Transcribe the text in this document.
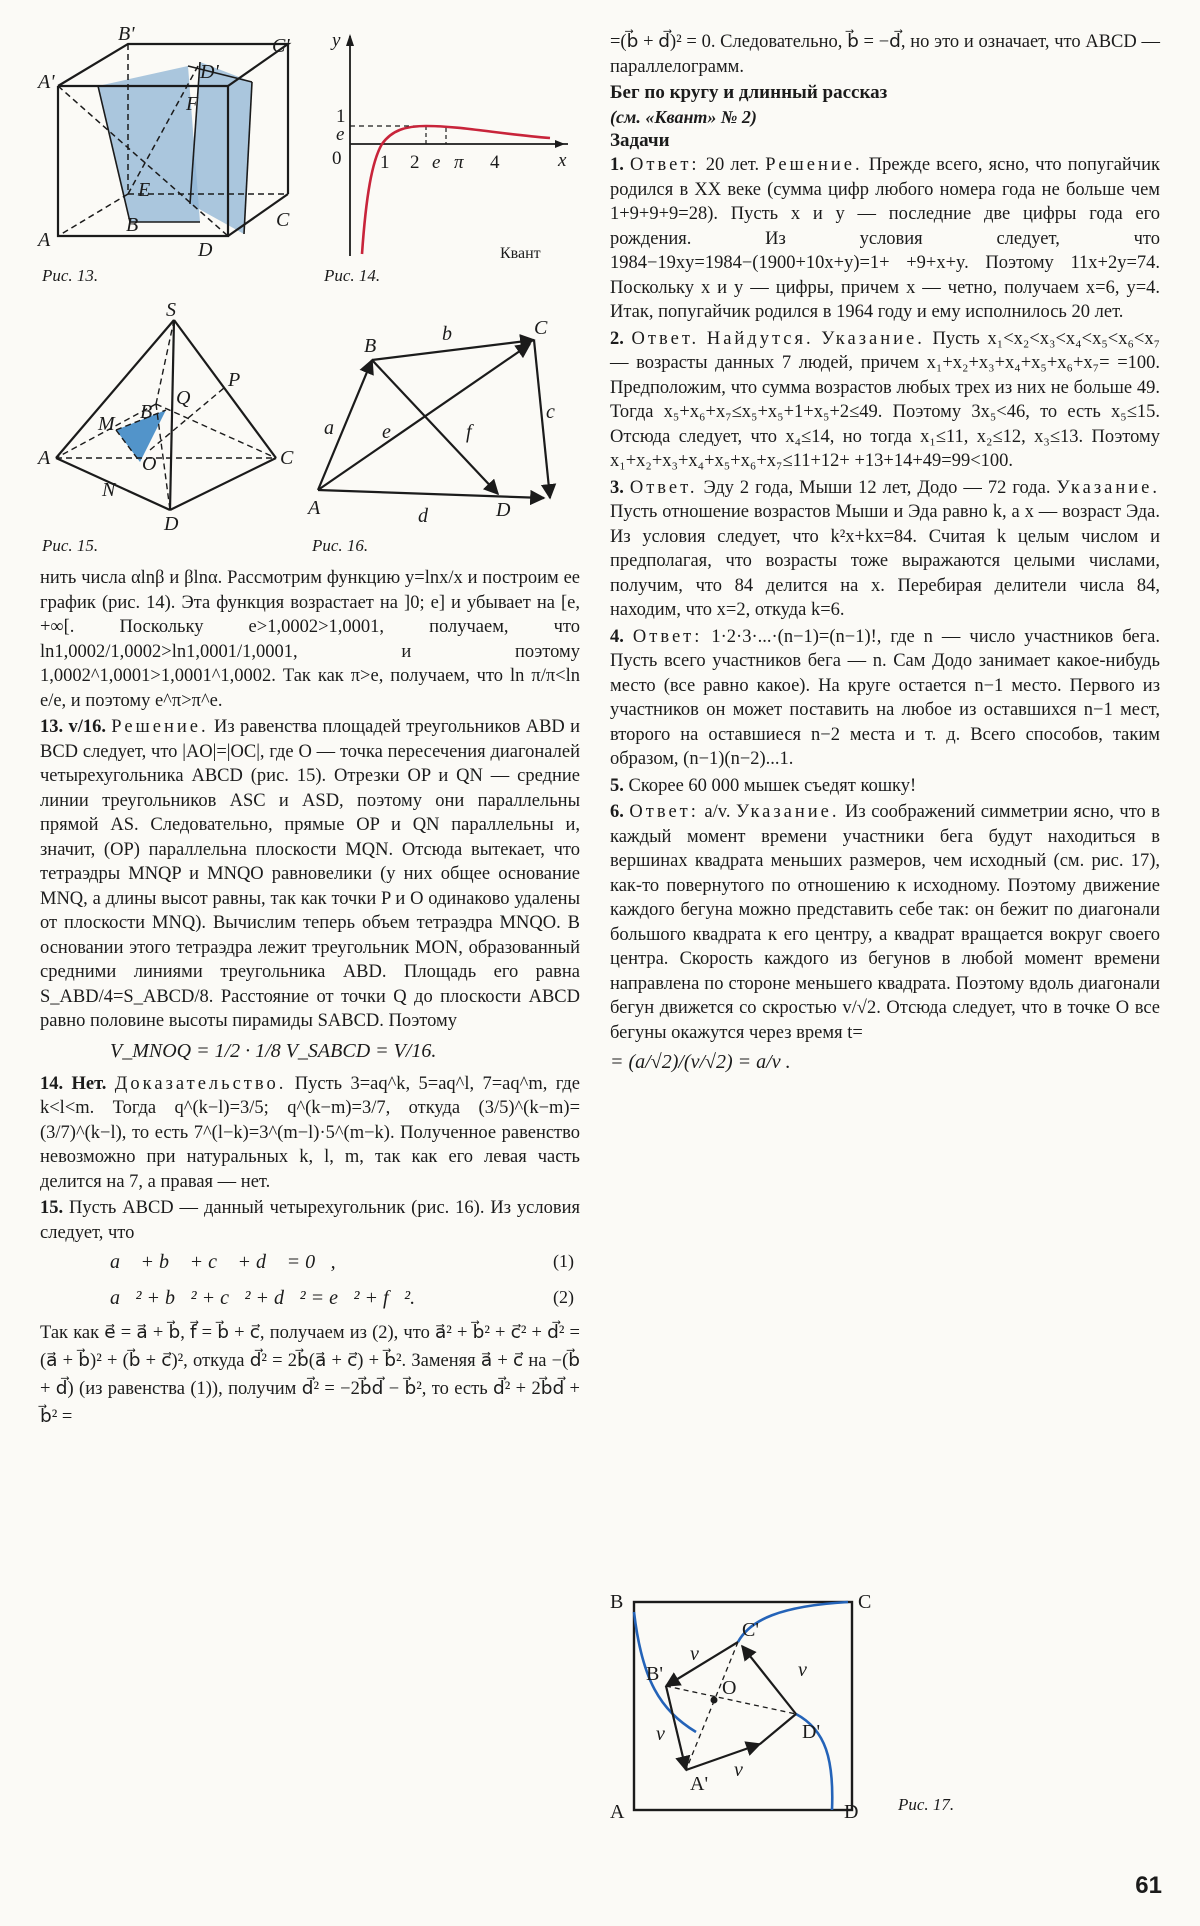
A
B	C
D
A'
B'
C'
D'
E
F
Рис. 13.
y
x
0
1
e
1 2 e π 4
Квант
Рис. 14.
S
A
B
C
D
M
N
O
P
Q
Рис. 15.
A
B
C
D
a
b
c
d
e	f
Рис. 16.

нить числа αlnβ и βlnα. Рассмотрим функцию y=lnx/x и построим ее график (рис. 14). Эта функция возрастает на ]0; e] и убывает на [e, +∞[. Поскольку e>1,0002>1,0001, получаем, что ln1,0002/1,0002>ln1,0001/1,0001, и поэтому 1,0002^1,0001>1,0001^1,0002. Так как π>e, получаем, что ln π/π<ln e/e, и поэтому e^π>π^e.

13. v/16. Решение. Из равенства площадей треугольников ABD и BCD следует, что |AO|=|OC|, где O — точка пересечения диагоналей четырехугольника ABCD (рис. 15). Отрезки OP и QN — средние линии треугольников ASC и ASD, поэтому они параллельны прямой AS. Следовательно, прямые OP и QN параллельны и, значит, (OP) параллельна плоскости MQN. Отсюда вытекает, что тетраэдры MNQP и MNQO равновелики (у них общее основание MNQ, а длины высот равны, так как точки P и O одинаково удалены от плоскости MNQ). Вычислим теперь объем тетраэдра MNQO. В основании этого тетраэдра лежит треугольник MON, образованный средними линиями треугольника ABD. Площадь его равна S_ABD/4=S_ABCD/8. Расстояние от точки Q до плоскости ABCD равно половине высоты пирамиды SABCD. Поэтому

V_MNOQ = 1/2 · 1/8 V_SABCD = V/16.

14. Нет. Доказательство. Пусть 3=aq^k, 5=aq^l, 7=aq^m, где k<l<m. Тогда q^(k−l)=3/5; q^(k−m)=3/7, откуда (3/5)^(k−m)=(3/7)^(k−l), то есть 7^(l−k)=3^(m−l)·5^(m−k). Полученное равенство невозможно при натуральных k, l, m, так как его левая часть делится на 7, а правая — нет.

15. Пусть ABCD — данный четырехугольник (рис. 16). Из условия следует, что

a⃗ + b⃗ + c⃗ + d⃗ = 0⃗,	(1)
a⃗² + b⃗² + c⃗² + d⃗² = e⃗² + f⃗².	(2)

Так как e⃗ = a⃗ + b⃗, f⃗ = b⃗ + c⃗, получаем из (2), что a⃗² + b⃗² + c⃗² + d⃗² = (a⃗ + b⃗)² + (b⃗ + c⃗)², откуда d⃗² = 2b⃗(a⃗ + c⃗) + b⃗². Заменяя a⃗ + c⃗ на −(b⃗ + d⃗) (из равенства (1)), получим d⃗² = −2b⃗d⃗ − b⃗², то есть d⃗² + 2b⃗d⃗ + b⃗² =

=(b⃗ + d⃗)² = 0. Следовательно, b⃗ = −d⃗, но это и означает, что ABCD — параллелограмм.

Бег по кругу и длинный рассказ

(см. «Квант» № 2)

Задачи

1. Ответ: 20 лет. Решение. Прежде всего, ясно, что попугайчик родился в XX веке (сумма цифр любого номера года не больше чем 1+9+9+9=28). Пусть x и y — последние две цифры года его рождения. Из условия следует, что 1984−19xy=1984−(1900+10x+y)=1+ +9+x+y. Поэтому 11x+2y=74. Поскольку x и y — цифры, причем x — четно, получаем x=6, y=4. Итак, попугайчик родился в 1964 году и ему исполнилось 20 лет.

2. Ответ. Найдутся. Указание. Пусть x₁<x₂<x₃<x₄<x₅<x₆<x₇ — возрасты данных 7 людей, причем x₁+x₂+x₃+x₄+x₅+x₆+x₇= =100. Предположим, что сумма возрастов любых трех из них не больше 49. Тогда x₅+x₆+x₇≤x₅+x₅+1+x₅+2≤49. Поэтому 3x₅<46, то есть x₅≤15. Отсюда следует, что x₄≤14, но тогда x₁≤11, x₂≤12, x₃≤13. Поэтому x₁+x₂+x₃+x₄+x₅+x₆+x₇≤11+12+ +13+14+49=99<100.

3. Ответ. Эду 2 года, Мыши 12 лет, Додо — 72 года. Указание. Пусть отношение возрастов Мыши и Эда равно k, а x — возраст Эда. Из условия следует, что k²x+kx=84. Считая k целым числом и предполагая, что возрасты тоже выражаются целыми числами, получим, что 84 делится на x. Перебирая делители числа 84, находим, что x=2, откуда k=6.

4. Ответ: 1·2·3·...·(n−1)=(n−1)!, где n — число участников бега. Пусть всего участников бега — n. Сам Додо занимает какое-нибудь место (все равно какое). На круге остается n−1 место. Первого из участников он может поставить на любое из оставшихся n−1 мест, второго на оставшиеся n−2 места и т. д. Всего способов, таким образом, (n−1)(n−2)...1.

5. Скорее 60 000 мышек съедят кошку!

6. Ответ: a/v. Указание. Из соображений симметрии ясно, что в каждый момент времени участники бега будут находиться в вершинах квадрата меньших размеров, чем исходный (см. рис. 17), как-то повернутого по отношению к исходному. Поэтому движение каждого бегуна можно представить себе так: он бежит по диагонали большого квадрата к его центру, а квадрат вращается вокруг своего центра. Скорость каждого из бегунов в любой момент времени направлена по стороне меньшего квадрата. Поэтому вдоль диагонали бегун движется со скростью v/√2. Отсюда следует, что в точке O все бегуны окажутся через время t=

= (a/√2)/(v/√2) = a/v .
B	C
A	D
C'
B'
D'
A'
O
v
v
v
v
Рис. 17.
61
